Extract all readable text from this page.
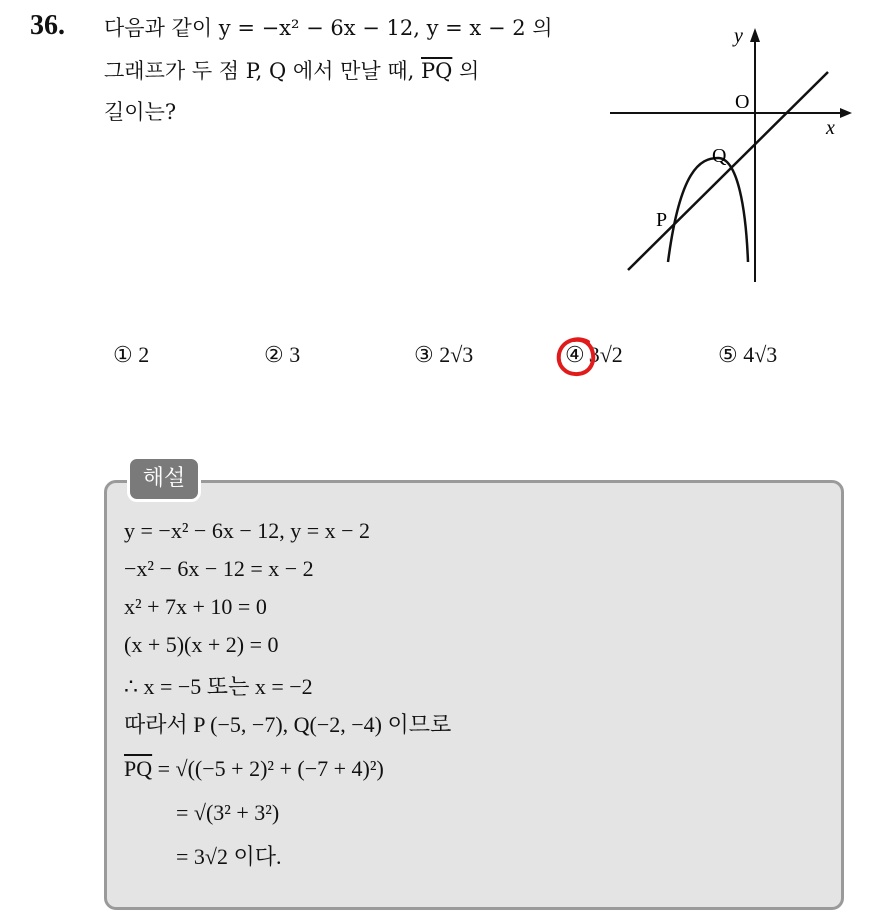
36. 다음과 같이 y = −x² − 6x − 12, y = x − 2 의
그래프가 두 점 P, Q 에서 만날 때, $\overline{PQ}$ 의
길이는?
y
x
O
P
Q
① 2	② 3	③ 2√3	④ 3√2	⑤ 4√3
해설
y = −x² − 6x − 12, y = x − 2
−x² − 6x − 12 = x − 2
x² + 7x + 10 = 0
(x + 5)(x + 2) = 0
∴ x = −5 또는 x = −2
따라서 P (−5, −7), Q(−2, −4) 이므로
$\overline{PQ} = √((-5 + 2)^2 + (-7 + 4)^2)$
= √(3² + 3²)
= 3√2 이다.
